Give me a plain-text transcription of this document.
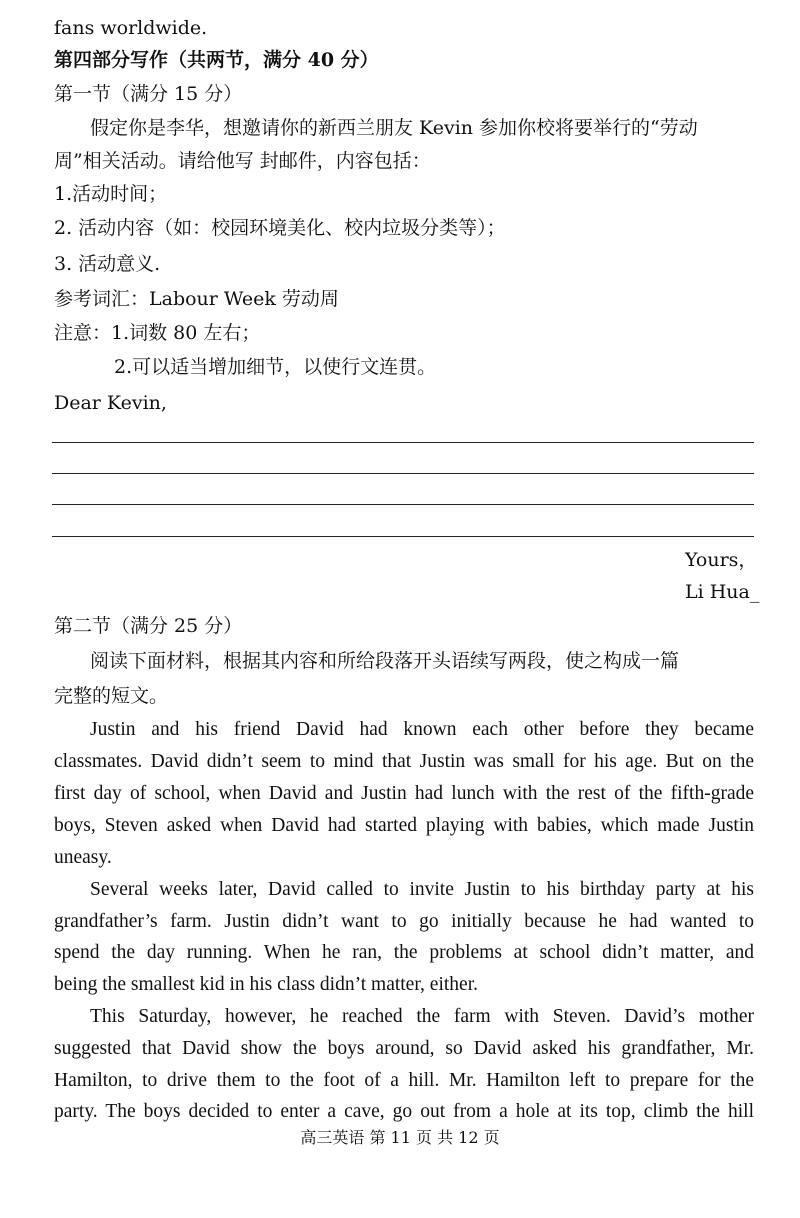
fans worldwide.
第四部分写作（共两节，满分 40 分）
第一节（满分 15 分）
假定你是李华，想邀请你的新西兰朋友 Kevin 参加你校将要举行的“劳动
周”相关活动。请给他写 封邮件，内容包括：
1.活动时间；
2. 活动内容（如：校园环境美化、校内垃圾分类等）；
3. 活动意义.
参考词汇：Labour Week 劳动周
注意：1.词数 80 左右；
2.可以适当增加细节，以使行文连贯。
Dear Kevin,
Yours，
Li Hua_
第二节（满分 25 分）
阅读下面材料，根据其内容和所给段落开头语续写两段，使之构成一篇
完整的短文。
Justin and his friend David had known each other before they became
classmates. David didn’t seem to mind that Justin was small for his age. But on the
first day of school, when David and Justin had lunch with the rest of the fifth-grade
boys, Steven asked when David had started playing with babies, which made Justin
uneasy.
Several weeks later, David called to invite Justin to his birthday party at his
grandfather’s farm. Justin didn’t want to go initially because he had wanted to
spend the day running. When he ran, the problems at school didn’t matter, and
being the smallest kid in his class didn’t matter, either.
This Saturday, however, he reached the farm with Steven. David’s mother
suggested that David show the boys around, so David asked his grandfather, Mr.
Hamilton, to drive them to the foot of a hill. Mr. Hamilton left to prepare for the
party. The boys decided to enter a cave, go out from a hole at its top, climb the hill
高三英语 第 11 页 共 12 页
